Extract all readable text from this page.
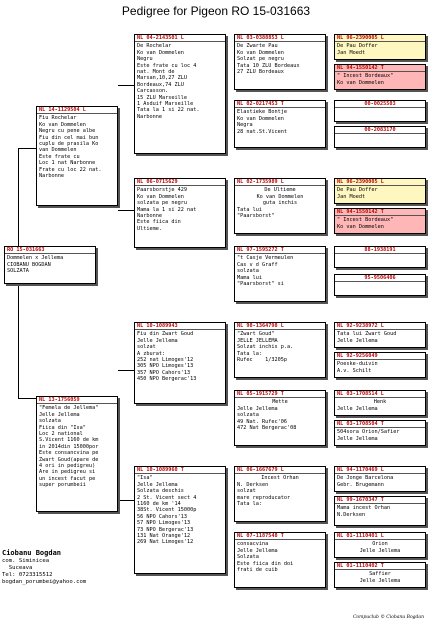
Pedigree for Pigeon RO 15-031663
RO 15-031663
Dommelen x Jellema
CIOBANU BOGDAN
SOLZATA
NL 14-1129504 L
Fiu Rochelar
Ko van Dommelen
Negru cu pene albe
Fiu din cel mai bun
cuplu de prasila Ko
van Dommelen
Este frate cu
Loc 1 nat Narbonne
Frate cu loc 22 nat.
Narbonne
NL 13-1756059
"Femela de Jellema"
Jelle Jellema
solzata
Fiica din "Isa"
Loc 2 national
S.Vicent 1160 de km
in 2014din 15000por
Este consancvina pe
Zwart Goud(apare de
4 ori in pedigreu)
Are in pedigreu si
un incest facut pe
super porumbeii
NL 04-2143501 L
De Rochelar
Ko van Dommelen
Negru
Este frate cu loc 4
nat. Mont de
Marsan,10,27 ZLU
Bordeaux,74 ZLU
Carcasson.
15 ZLU Marseille
1 Asduif Marseille
Tata la 1 si 22 nat.
Narbonne
NL 06-0715629
Paarsborstje 429
Ko van Dommelen
solzata pe negru
Mama la 1 si 22 nat
Narbonne
Este fiica din
Ultieme.
NL 10-1089943
Fiu din Zwart Goud
Jelle Jellema
solzat
A zburat:
252 nat Limoges'12
305 NPO Limoges'13
357 NPO Cahors'13
450 NPO Bergerac'13
NL 10-1089960 T
"Isa"
Jelle Jellema
Solzata deschis
2 St. Vicent sect 4
1160 de km '14
38St. Vicent 15000p
56 NPO Cahors'13
57 NPO Limoges'13
73 NPO Bergerac'13
131 Nat Orange'12
269 Nat Limoges'12
NL 03-0388853 L
De Zwarte Pau
Ko van Dommelen
Solzat pe negru
Tata 10 ZLU Bordeaux
27 ZLU Bordeaux
NL 02-0217453 T
Elastieke Bontje
Ko van Dommelen
Negra
28 nat.St.Vicent
NL 02-1735989 L
De Ultieme
Ko van Dommelen
guta inchis
Tata lui
"Paarsborst"
NL 97-1595272 T
"t Casje Vermeulen
Cas v d Graff
solzata
Mama lui
"Paarsborst" si
NL 98-1364798 L
"Zwart Goud"
JELLE JELLEMA
Solzat inchis p.a.
Tata la:
Rufec    1/3205p
NL 05-1915729 T
Mette
Jelle Jellema
solzata
49 Nat. Rufec'06
472 Nat Bergerac'08
NL 06-1667679 L
Incest Orhan
N. Derksen
solzat
mare reproducator
Tata la:
NL 07-1187548 T
consacvina
Jelle Jellema
Solzata
Este fiica din doi
frati de cuib
NL 96-2390005 L
De Pau Doffer
Jan Moedt
NL 94-1550142 T
" Incest Bordeaux"
Ko van Dommelen
00-0025503
00-2083170
NL 96-2390005 L
De Pau Doffer
Jan Moedt
NL 94-1550142 T
" Incest Bordeaux"
Ko van Dommelen
88-1938191
95-9506406
NL 92-9238972 L
Tata lui Zwart Goud
Jelle Jellema
NL 92-9256049
Poeske-duivin
A.v. Schilt
NL 03-1708514 L
Henk
Jelle Jellema
NL 03-1708504 T
504sora Orion/Safier
Jelle Jellema
NL 94-1170469 L
De Jonge Barcelona
Gebr. Brugemann
NL 99-1670347 T
Mama incest Orhan
N.Derksen
NL 01-1110401 L
Orion
Jelle Jellema
NL 01-1110402 T
Saffier
Jelle Jellema
Ciobanu Bogdan
com. Siminicea
Suceava
Tel: 0723315512
bogdan_porumbei@yahoo.com
Compuclub © Ciobanu Bogdan
